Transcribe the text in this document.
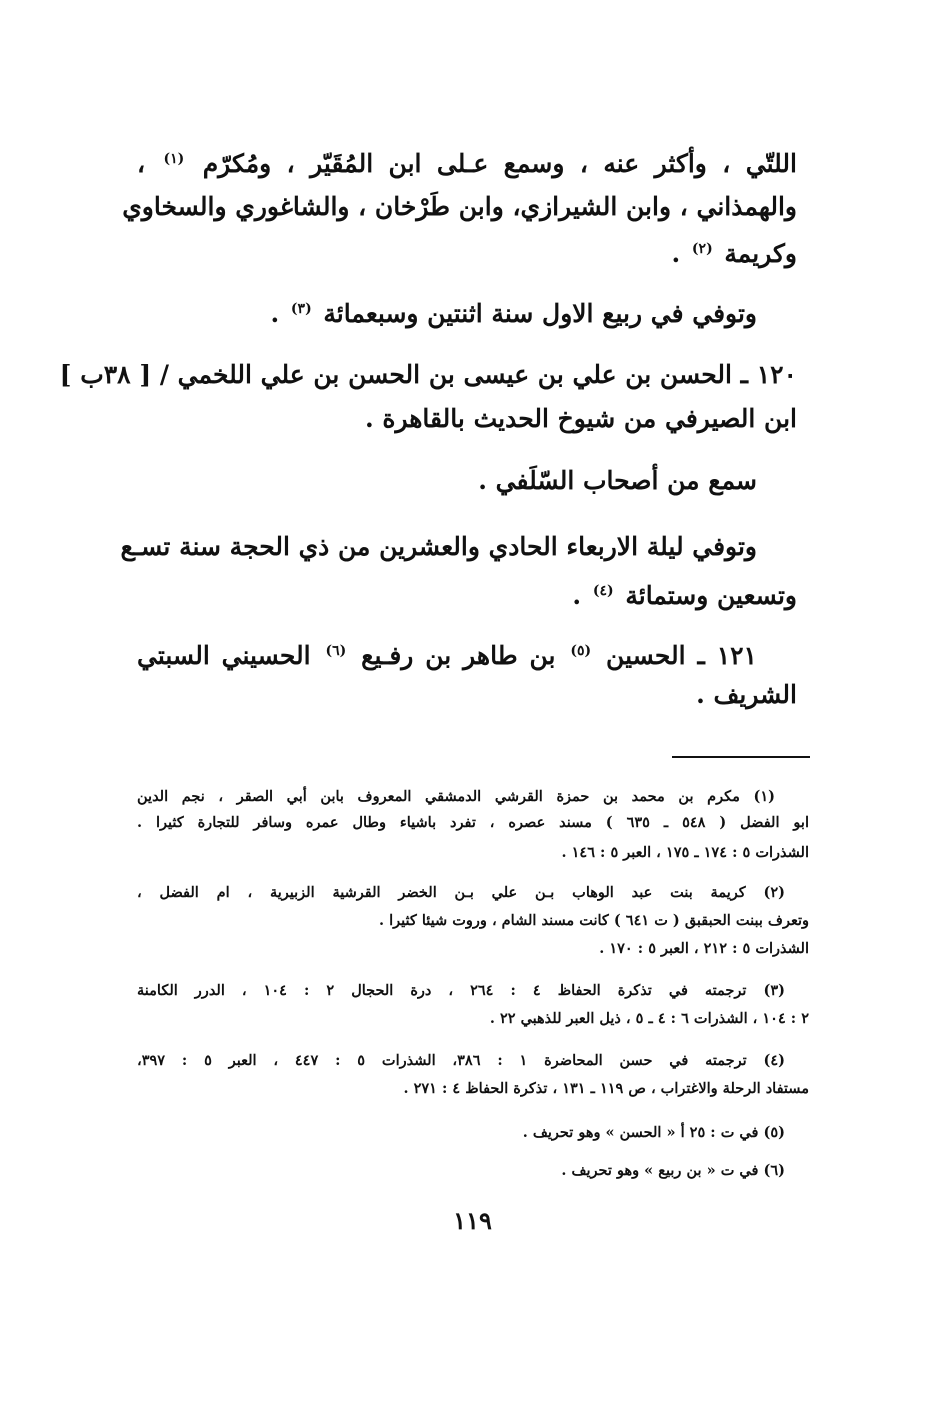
اللتّي ، وأكثر عنه ، وسمع عـلى ابن المُقَيّر ، ومُكرّم $^{(١)}$ ،
والهمذاني ، وابن الشيرازي، وابن طَرْخان ، والشاغوري والسخاوي
وكريمة $^{(٢)}$ .
وتوفي في ربيع الاول سنة اثنتين وسبعمائة $^{(٣)}$ .
١٢٠ ـ الحسن بن علي بن عيسى بن الحسن بن علي اللخمي / [ ٣٨ب ]
ابن الصيرفي من شيوخ الحديث بالقاهرة .
سمع من أصحاب السّلَفي .
وتوفي ليلة الاربعاء الحادي والعشرين من ذي الحجة سنة تسـع
وتسعين وستمائة $^{(٤)}$ .
١٢١ ـ الحسين $^{(٥)}$ بن طاهر بن رفـيع $^{(٦)}$ الحسيني السبتي
الشريف .
(١) مكرم بن محمد بن حمزة القرشي الدمشقي المعروف بابن أبي الصقر ، نجم الدين
ابو الفضل ( ٥٤٨ ـ ٦٣٥ ) مسند عصره ، تفرد باشياء وطال عمره وسافر للتجارة كثيرا .
الشذرات ٥ : ١٧٤ ـ ١٧٥ ، العبر ٥ : ١٤٦ .
(٢) كريمة بنت عبد الوهاب بـن علي بـن الخضر القرشية الزبيرية ، ام الفضل ،
وتعرف ببنت الحبقبق ( ت ٦٤١ ) كانت مسند الشام ، وروت شيئا كثيرا .
الشذرات ٥ : ٢١٢ ، العبر ٥ : ١٧٠ .
(٣) ترجمته في تذكرة الحفاظ ٤ : ٢٦٤ ، درة الحجال ٢ : ١٠٤ ، الدرر الكامنة
٢ : ١٠٤ ، الشذرات ٦ : ٤ ـ ٥ ، ذيل العبر للذهبي ٢٢ .
(٤) ترجمته في حسن المحاضرة ١ : ٣٨٦، الشذرات ٥ : ٤٤٧ ، العبر ٥ : ٣٩٧،
مستفاد الرحلة والاغتراب ، ص ١١٩ ـ ١٣١ ، تذكرة الحفاظ ٤ : ٢٧١ .
(٥) في ت : ٢٥ أ « الحسن » وهو تحريف .
(٦) في ت « بن ربيع » وهو تحريف .
١١٩
